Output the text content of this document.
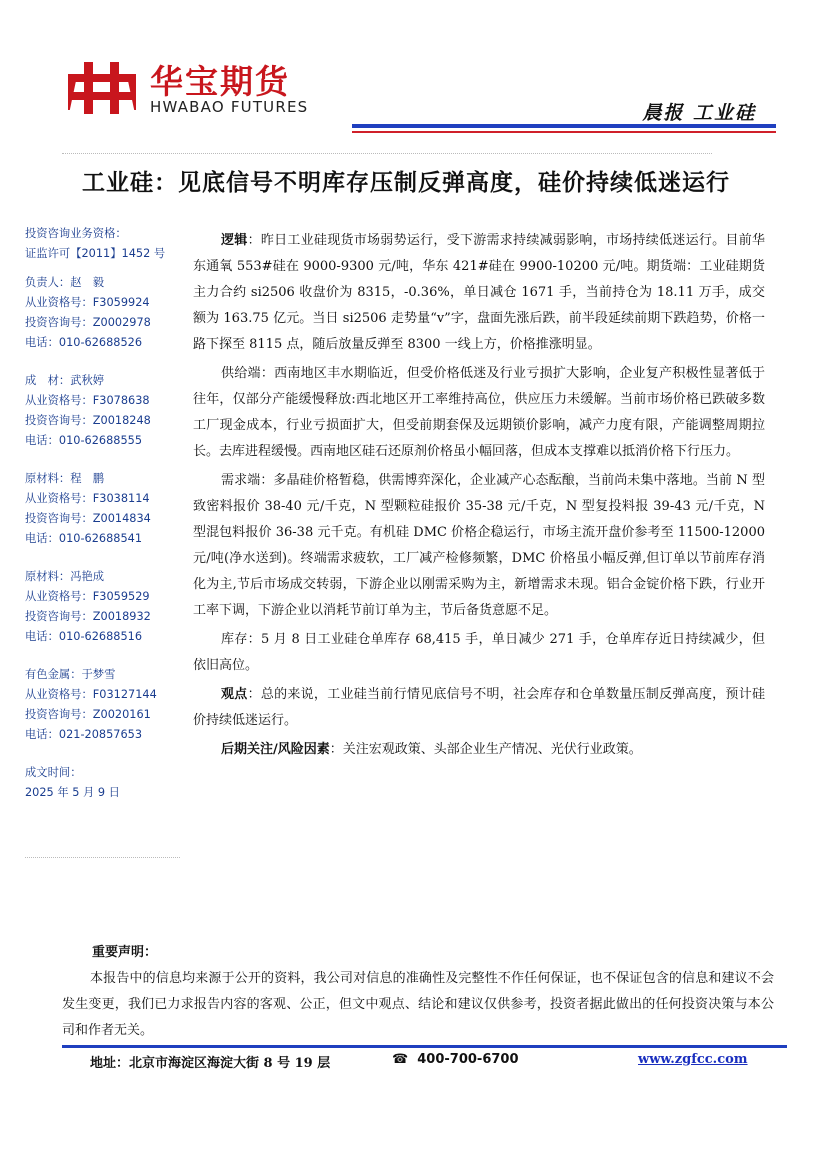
华宝期货
HWABAO FUTURES	晨报 工业硅
工业硅：见底信号不明库存压制反弹高度，硅价持续低迷运行
投资咨询业务资格：
证监许可【2011】1452 号
负责人：赵　毅
从业资格号：F3059924
投资咨询号：Z0002978
电话：010-62688526
成　材：武秋婷
从业资格号：F3078638
投资咨询号：Z0018248
电话：010-62688555
原材料：程　鹏
从业资格号：F3038114
投资咨询号：Z0014834
电话：010-62688541
原材料：冯艳成
从业资格号：F3059529
投资咨询号：Z0018932
电话：010-62688516
有色金属：于梦雪
从业资格号：F03127144
投资咨询号：Z0020161
电话：021-20857653
成文时间：
2025 年 5 月 9 日

逻辑：昨日工业硅现货市场弱势运行，受下游需求持续减弱影响，市场持续低迷运行。目前华东通氧 553#硅在 9000-9300 元/吨，华东 421#硅在 9900-10200 元/吨。期货端：工业硅期货主力合约 si2506 收盘价为 8315，-0.36%，单日减仓 1671 手，当前持仓为 18.11 万手，成交额为 163.75 亿元。当日 si2506 走势量“v”字，盘面先涨后跌，前半段延续前期下跌趋势，价格一路下探至 8115 点，随后放量反弹至 8300 一线上方，价格推涨明显。

供给端：西南地区丰水期临近，但受价格低迷及行业亏损扩大影响，企业复产积极性显著低于往年，仅部分产能缓慢释放:西北地区开工率维持高位，供应压力未缓解。当前市场价格已跌破多数工厂现金成本，行业亏损面扩大，但受前期套保及远期锁价影响，减产力度有限，产能调整周期拉长。去库进程缓慢。西南地区硅石还原剂价格虽小幅回落，但成本支撑难以抵消价格下行压力。

需求端：多晶硅价格暂稳，供需博弈深化，企业减产心态酝酿，当前尚未集中落地。当前 N 型致密料报价 38-40 元/千克，N 型颗粒硅报价 35-38 元/千克，N 型复投料报 39-43 元/千克，N 型混包料报价 36-38 元千克。有机硅 DMC 价格企稳运行，市场主流开盘价参考至 11500-12000 元/吨(净水送到)。终端需求疲软，工厂减产检修频繁，DMC 价格虽小幅反弹,但订单以节前库存消化为主,节后市场成交转弱，下游企业以刚需采购为主，新增需求未现。铝合金锭价格下跌，行业开工率下调，下游企业以消耗节前订单为主，节后备货意愿不足。

库存：5 月 8 日工业硅仓单库存 68,415 手，单日减少 271 手，仓单库存近日持续减少，但依旧高位。

观点：总的来说，工业硅当前行情见底信号不明，社会库存和仓单数量压制反弹高度，预计硅价持续低迷运行。

后期关注/风险因素：关注宏观政策、头部企业生产情况、光伏行业政策。

重要声明：
本报告中的信息均来源于公开的资料，我公司对信息的准确性及完整性不作任何保证，也不保证包含的信息和建议不会发生变更，我们已力求报告内容的客观、公正，但文中观点、结论和建议仅供参考，投资者据此做出的任何投资决策与本公司和作者无关。
地址：北京市海淀区海淀大街 8 号 19 层	☎ 400-700-6700	www.zgfcc.com
